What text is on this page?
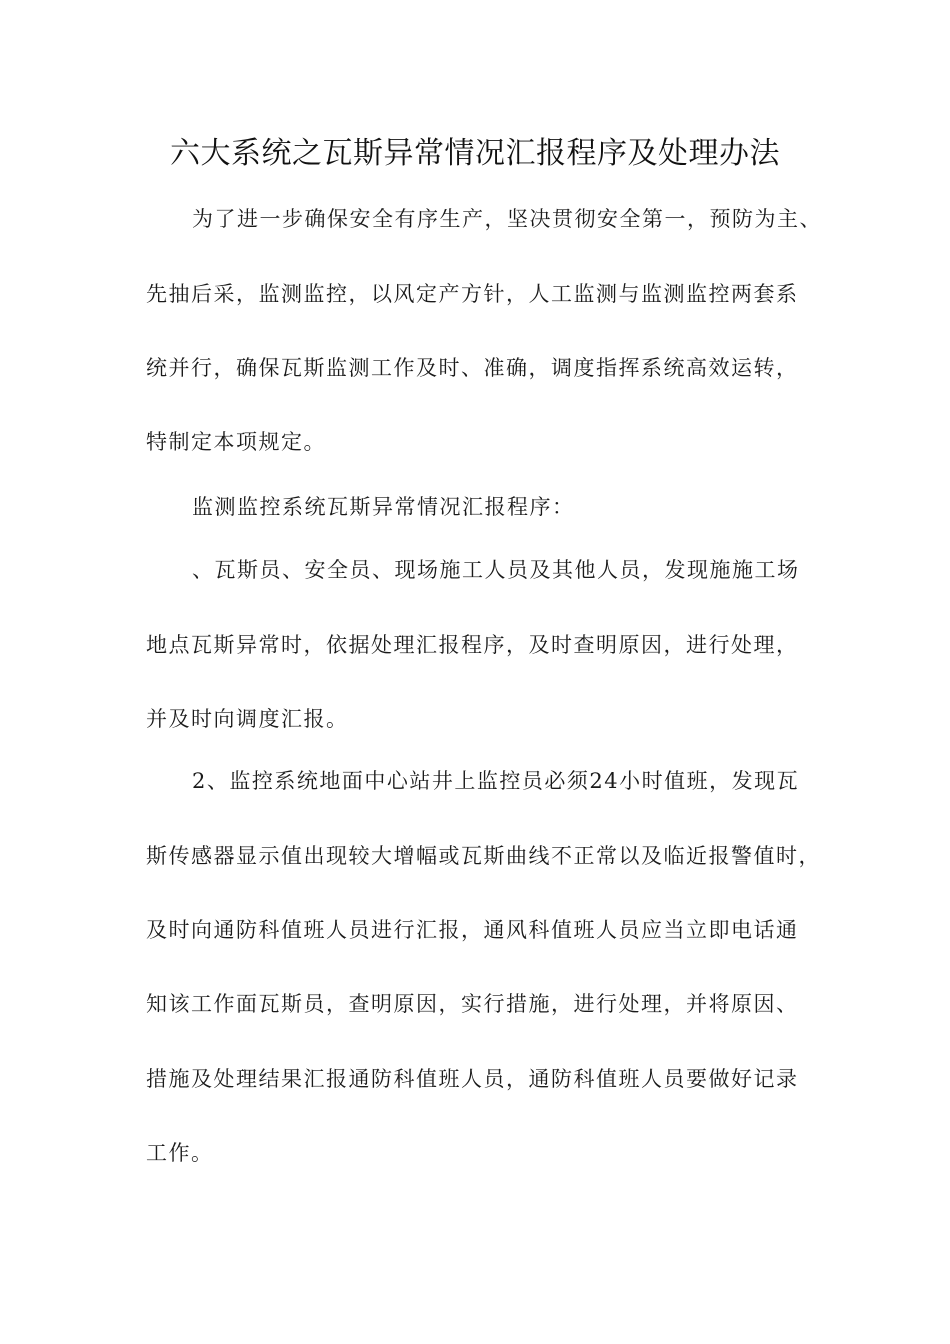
六大系统之瓦斯异常情况汇报程序及处理办法
为了进一步确保安全有序生产，坚决贯彻安全第一，预防为主、
先抽后采，监测监控，以风定产方针，人工监测与监测监控两套系
统并行，确保瓦斯监测工作及时、准确，调度指挥系统高效运转，
特制定本项规定。
监测监控系统瓦斯异常情况汇报程序：
、瓦斯员、安全员、现场施工人员及其他人员，发现施施工场
地点瓦斯异常时，依据处理汇报程序，及时查明原因，进行处理，
并及时向调度汇报。
2、监控系统地面中心站井上监控员必须24小时值班，发现瓦
斯传感器显示值出现较大增幅或瓦斯曲线不正常以及临近报警值时，
及时向通防科值班人员进行汇报，通风科值班人员应当立即电话通
知该工作面瓦斯员，查明原因，实行措施，进行处理，并将原因、
措施及处理结果汇报通防科值班人员，通防科值班人员要做好记录
工作。
